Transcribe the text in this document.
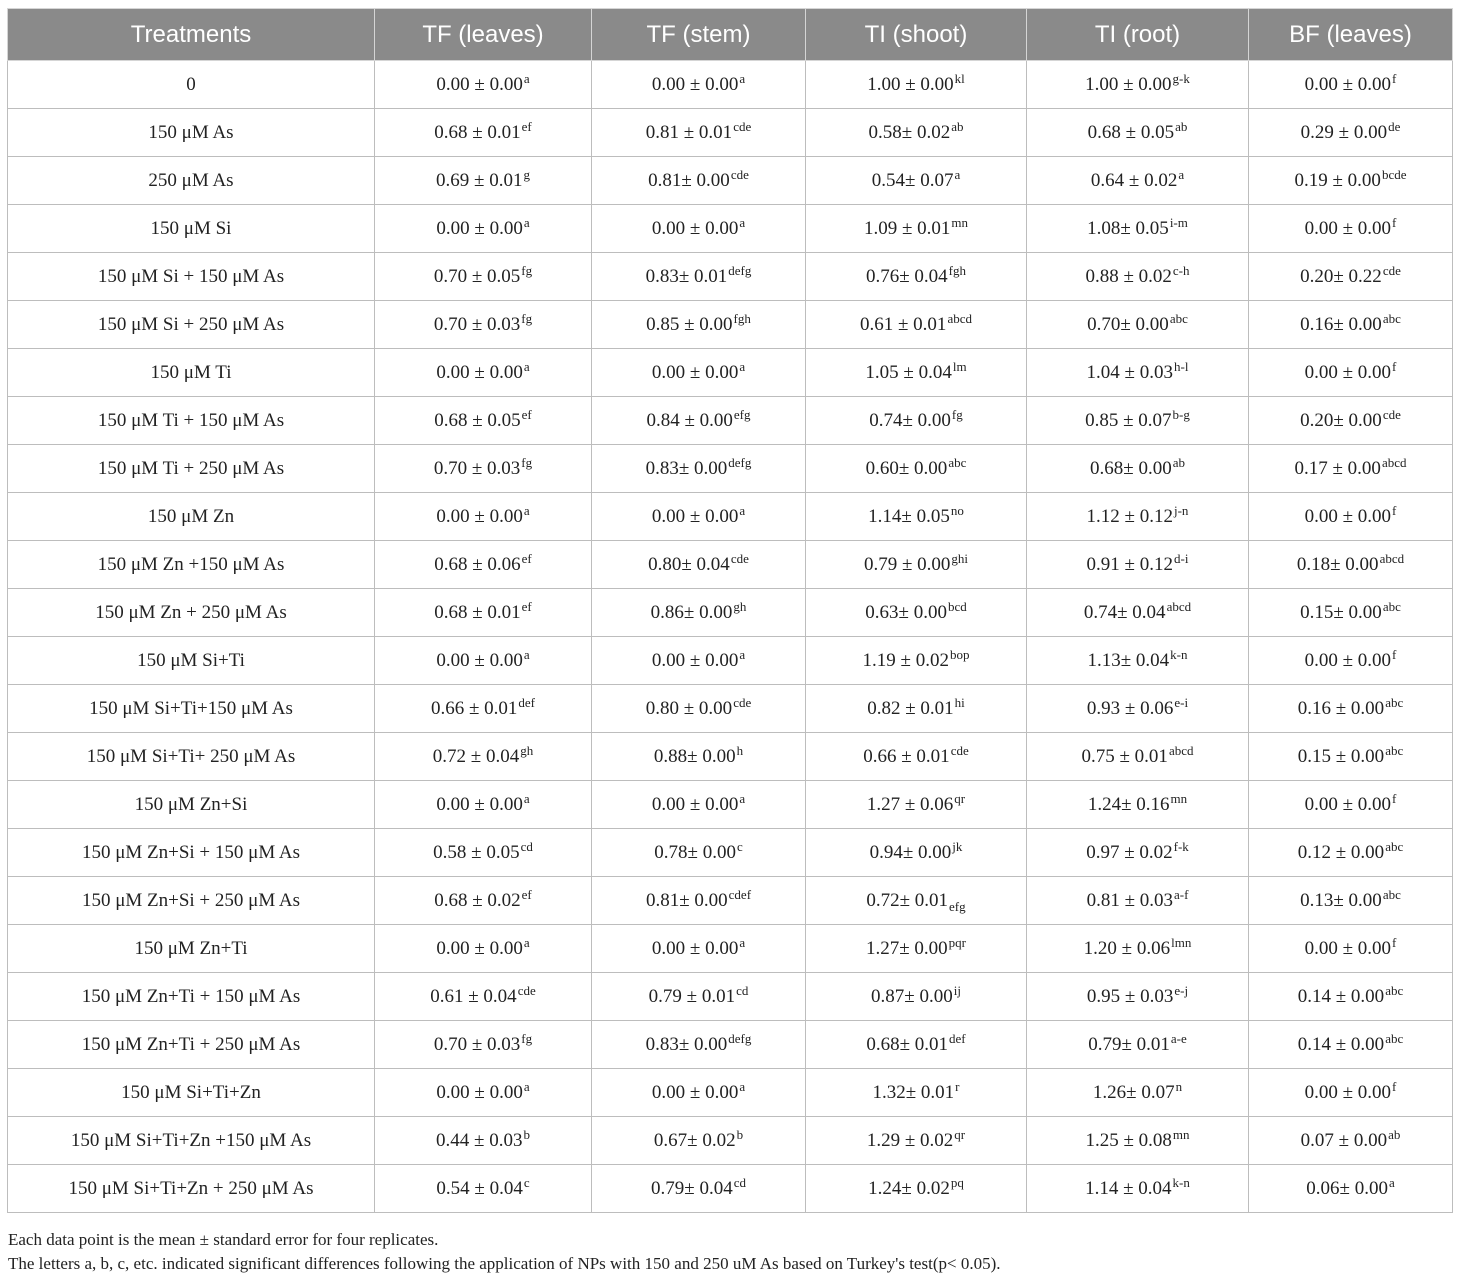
Treatments	TF (leaves)	TF (stem)	TI (shoot)	TI (root)	BF (leaves)
0	0.00 ± 0.00$^a$	0.00 ± 0.00$^a$	$1.00 \pm 0.00^{kl}$	$1.00 \pm 0.00^{g-k}$	0.00 ± 0.00$^f$
150 μM As	0.68 ± 0.01$^{ef}$	0.81 ± 0.01$^{cde}$	0.58± 0.02$^{ab}$	0.68 ± 0.05$^{ab}$	0.29 ± 0.00de
250 μM As	0.69 ± 0.01$^g$	0.81± 0.00$^{cde}$	0.54± 0.07$^a$	0.64 ± 0.02$^a$	$0.19 \pm 0.00^{bcde}$
150 μM Si	0.00 ± 0.00$^a$	0.00 ± 0.00$^a$	$1.09 \pm 0.01^{mn}$	$1.08\pm 0.05^{i-m}$	0.00 ± 0.00$^f$
150 μM Si + 150 μM As	0.70 ± 0.05$^{fg}$	$0.83\pm 0.01^{defg}$	0.76± 0.04$^{fgh}$	$0.88 \pm 0.02^{c-h}$	0.20± 0.22$^{cde}$
150 μM Si + 250 μM As	0.70 ± 0.03$^{fg}$	0.85 ± 0.00$^{fgh}$	$0.61 \pm 0.01^{abcd}$	0.70± 0.00$^{abc}$	0.16± 0.00$^{abc}$
150 μM Ti	0.00 ± 0.00$^a$	0.00 ± 0.00$^a$	$1.05 \pm 0.04^{lm}$	$1.04 \pm 0.03^{h-l}$	0.00 ± 0.00$^f$
150 μM Ti + 150 μM As	0.68 ± 0.05$^{ef}$	0.84 ± 0.00$^{efg}$	0.74± 0.00$^{fg}$	$0.85 \pm 0.07^{b-g}$	0.20± 0.00$^{cde}$
150 μM Ti + 250 μM As	0.70 ± 0.03$^{fg}$	$0.83\pm 0.00^{defg}$	0.60± 0.00$^{abc}$	0.68± 0.00$^{ab}$	$0.17 \pm 0.00^{abcd}$
150 μM Zn	0.00 ± 0.00$^a$	0.00 ± 0.00$^a$	$1.14\pm 0.05^{no}$	$1.12 \pm 0.12^{j-n}$	0.00 ± 0.00$^f$
150 μM Zn +150 μM As	0.68 ± 0.06$^{ef}$	0.80± 0.04$^{cde}$	$0.79 \pm 0.00^{ghi}$	$0.91 \pm 0.12^{d-i}$	$0.18\pm 0.00^{abcd}$
150 μM Zn + 250 μM As	0.68 ± 0.01$^{ef}$	0.86± 0.00$^{gh}$	0.63± 0.00$^{bcd}$	$0.74\pm 0.04^{abcd}$	0.15± 0.00$^{abc}$
150 μM Si+Ti	0.00 ± 0.00$^a$	0.00 ± 0.00$^a$	$1.19 \pm 0.02^{bop}$	$1.13\pm 0.04^{k-n}$	0.00 ± 0.00$^f$
150 μM Si+Ti+150 μM As	0.66 ± 0.01$^{def}$	0.80 ± 0.00$^{cde}$	$0.82 \pm 0.01^{hi}$	$0.93 \pm 0.06^{e-i}$	0.16 ± 0.00$^{abc}$
150 μM Si+Ti+ 250 μM As	0.72 ± 0.04$^{gh}$	0.88± 0.00$^h$	0.66 ± 0.01$^{cde}$	$0.75 \pm 0.01^{abcd}$	0.15 ± 0.00$^{abc}$
150 μM Zn+Si	0.00 ± 0.00$^a$	0.00 ± 0.00$^a$	$1.27 \pm 0.06^{qr}$	$1.24\pm 0.16^{mn}$	0.00 ± 0.00$^f$
150 μM Zn+Si + 150 μM As	0.58 ± 0.05$^{cd}$	0.78± 0.00$^c$	$0.94\pm 0.00^{jk}$	$0.97 \pm 0.02^{f-k}$	0.12 ± 0.00$^{abc}$
150 μM Zn+Si + 250 μM As	0.68 ± 0.02$^{ef}$	$0.81\pm 0.00^{cdef}$	$0.72\pm 0.01_{efg}$	$0.81 \pm 0.03^{a-f}$	0.13± 0.00$^{abc}$
150 μM Zn+Ti	0.00 ± 0.00$^a$	0.00 ± 0.00$^a$	$1.27\pm 0.00^{pqr}$	$1.20 \pm 0.06^{lmn}$	0.00 ± 0.00$^f$
150 μM Zn+Ti + 150 μM As	0.61 ± 0.04$^{cde}$	0.79 ± 0.01$^{cd}$	$0.87\pm 0.00^{ij}$	$0.95 \pm 0.03^{e-j}$	0.14 ± 0.00$^{abc}$
150 μM Zn+Ti + 250 μM As	0.70 ± 0.03$^{fg}$	$0.83\pm 0.00^{defg}$	0.68± 0.01$^{def}$	$0.79\pm 0.01^{a-e}$	0.14 ± 0.00$^{abc}$
150 μM Si+Ti+Zn	0.00 ± 0.00$^a$	0.00 ± 0.00$^a$	$1.32\pm 0.01^r$	$1.26\pm 0.07^n$	0.00 ± 0.00$^f$
150 μM Si+Ti+Zn +150 μM As	0.44 ± 0.03$^b$	0.67± 0.02$^b$	$1.29 \pm 0.02^{qr}$	$1.25 \pm 0.08^{mn}$	0.07 ± 0.00$^{ab}$
150 μM Si+Ti+Zn + 250 μM As	0.54 ± 0.04$^c$	0.79± 0.04$^{cd}$	$1.24\pm 0.02^{pq}$	$1.14 \pm 0.04^{k-n}$	0.06± 0.00$^a$

Each data point is the mean ± standard error for four replicates.

The letters a, b, c, etc. indicated significant differences following the application of NPs with 150 and 250 uM As based on Turkey's test(p< 0.05).
